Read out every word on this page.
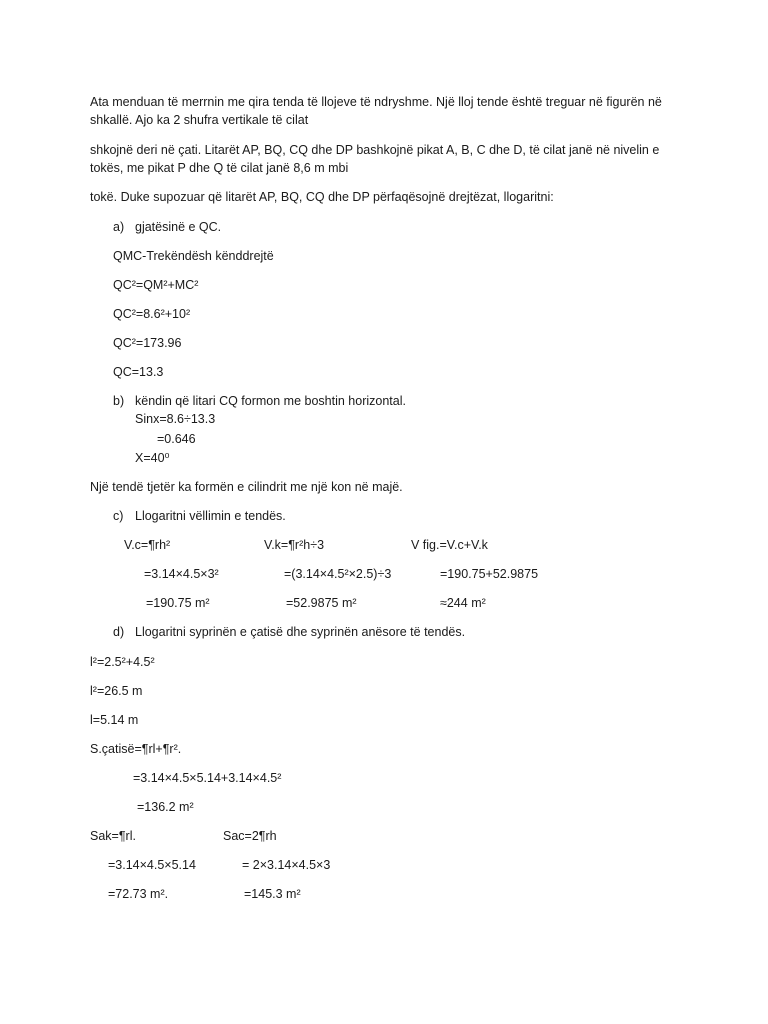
Ata menduan të merrnin me qira tenda të llojeve të ndryshme. Një lloj tende është treguar në figurën në
shkallë. Ajo ka 2 shufra vertikale të cilat
shkojnë deri në çati. Litarët AP, BQ, CQ dhe DP bashkojnë pikat A, B, C dhe D, të cilat janë në nivelin e
tokës, me pikat P dhe Q të cilat janë 8,6 m mbi
tokë. Duke supozuar që litarët AP, BQ, CQ dhe DP përfaqësojnë drejtëzat, llogaritni:
a) gjatësinë e QC.
QMC-Trekëndësh kënddrejtë
QC²=QM²+MC²
QC²=8.6²+10²
QC²=173.96
QC=13.3
b) këndin që litari CQ formon me boshtin horizontal.
Sinx=8.6÷13.3
=0.646
X=40⁰
Një tendë tjetër ka formën e cilindrit me një kon në majë.
c) Llogaritni vëllimin e tendës.
V.c=¶rh²	V.k=¶r²h÷3	V fig.=V.c+V.k
=3.14×4.5×3²	=(3.14×4.5²×2.5)÷3	=190.75+52.9875
=190.75 m²	=52.9875 m²	≈244 m²
d) Llogaritni syprinën e çatisë dhe syprinën anësore të tendës.
l²=2.5²+4.5²
l²=26.5 m
l=5.14 m
S.çatisë=¶rl+¶r².
=3.14×4.5×5.14+3.14×4.5²
=136.2 m²
Sak=¶rl.	Sac=2¶rh
=3.14×4.5×5.14	= 2×3.14×4.5×3
=72.73 m².	=145.3 m²
